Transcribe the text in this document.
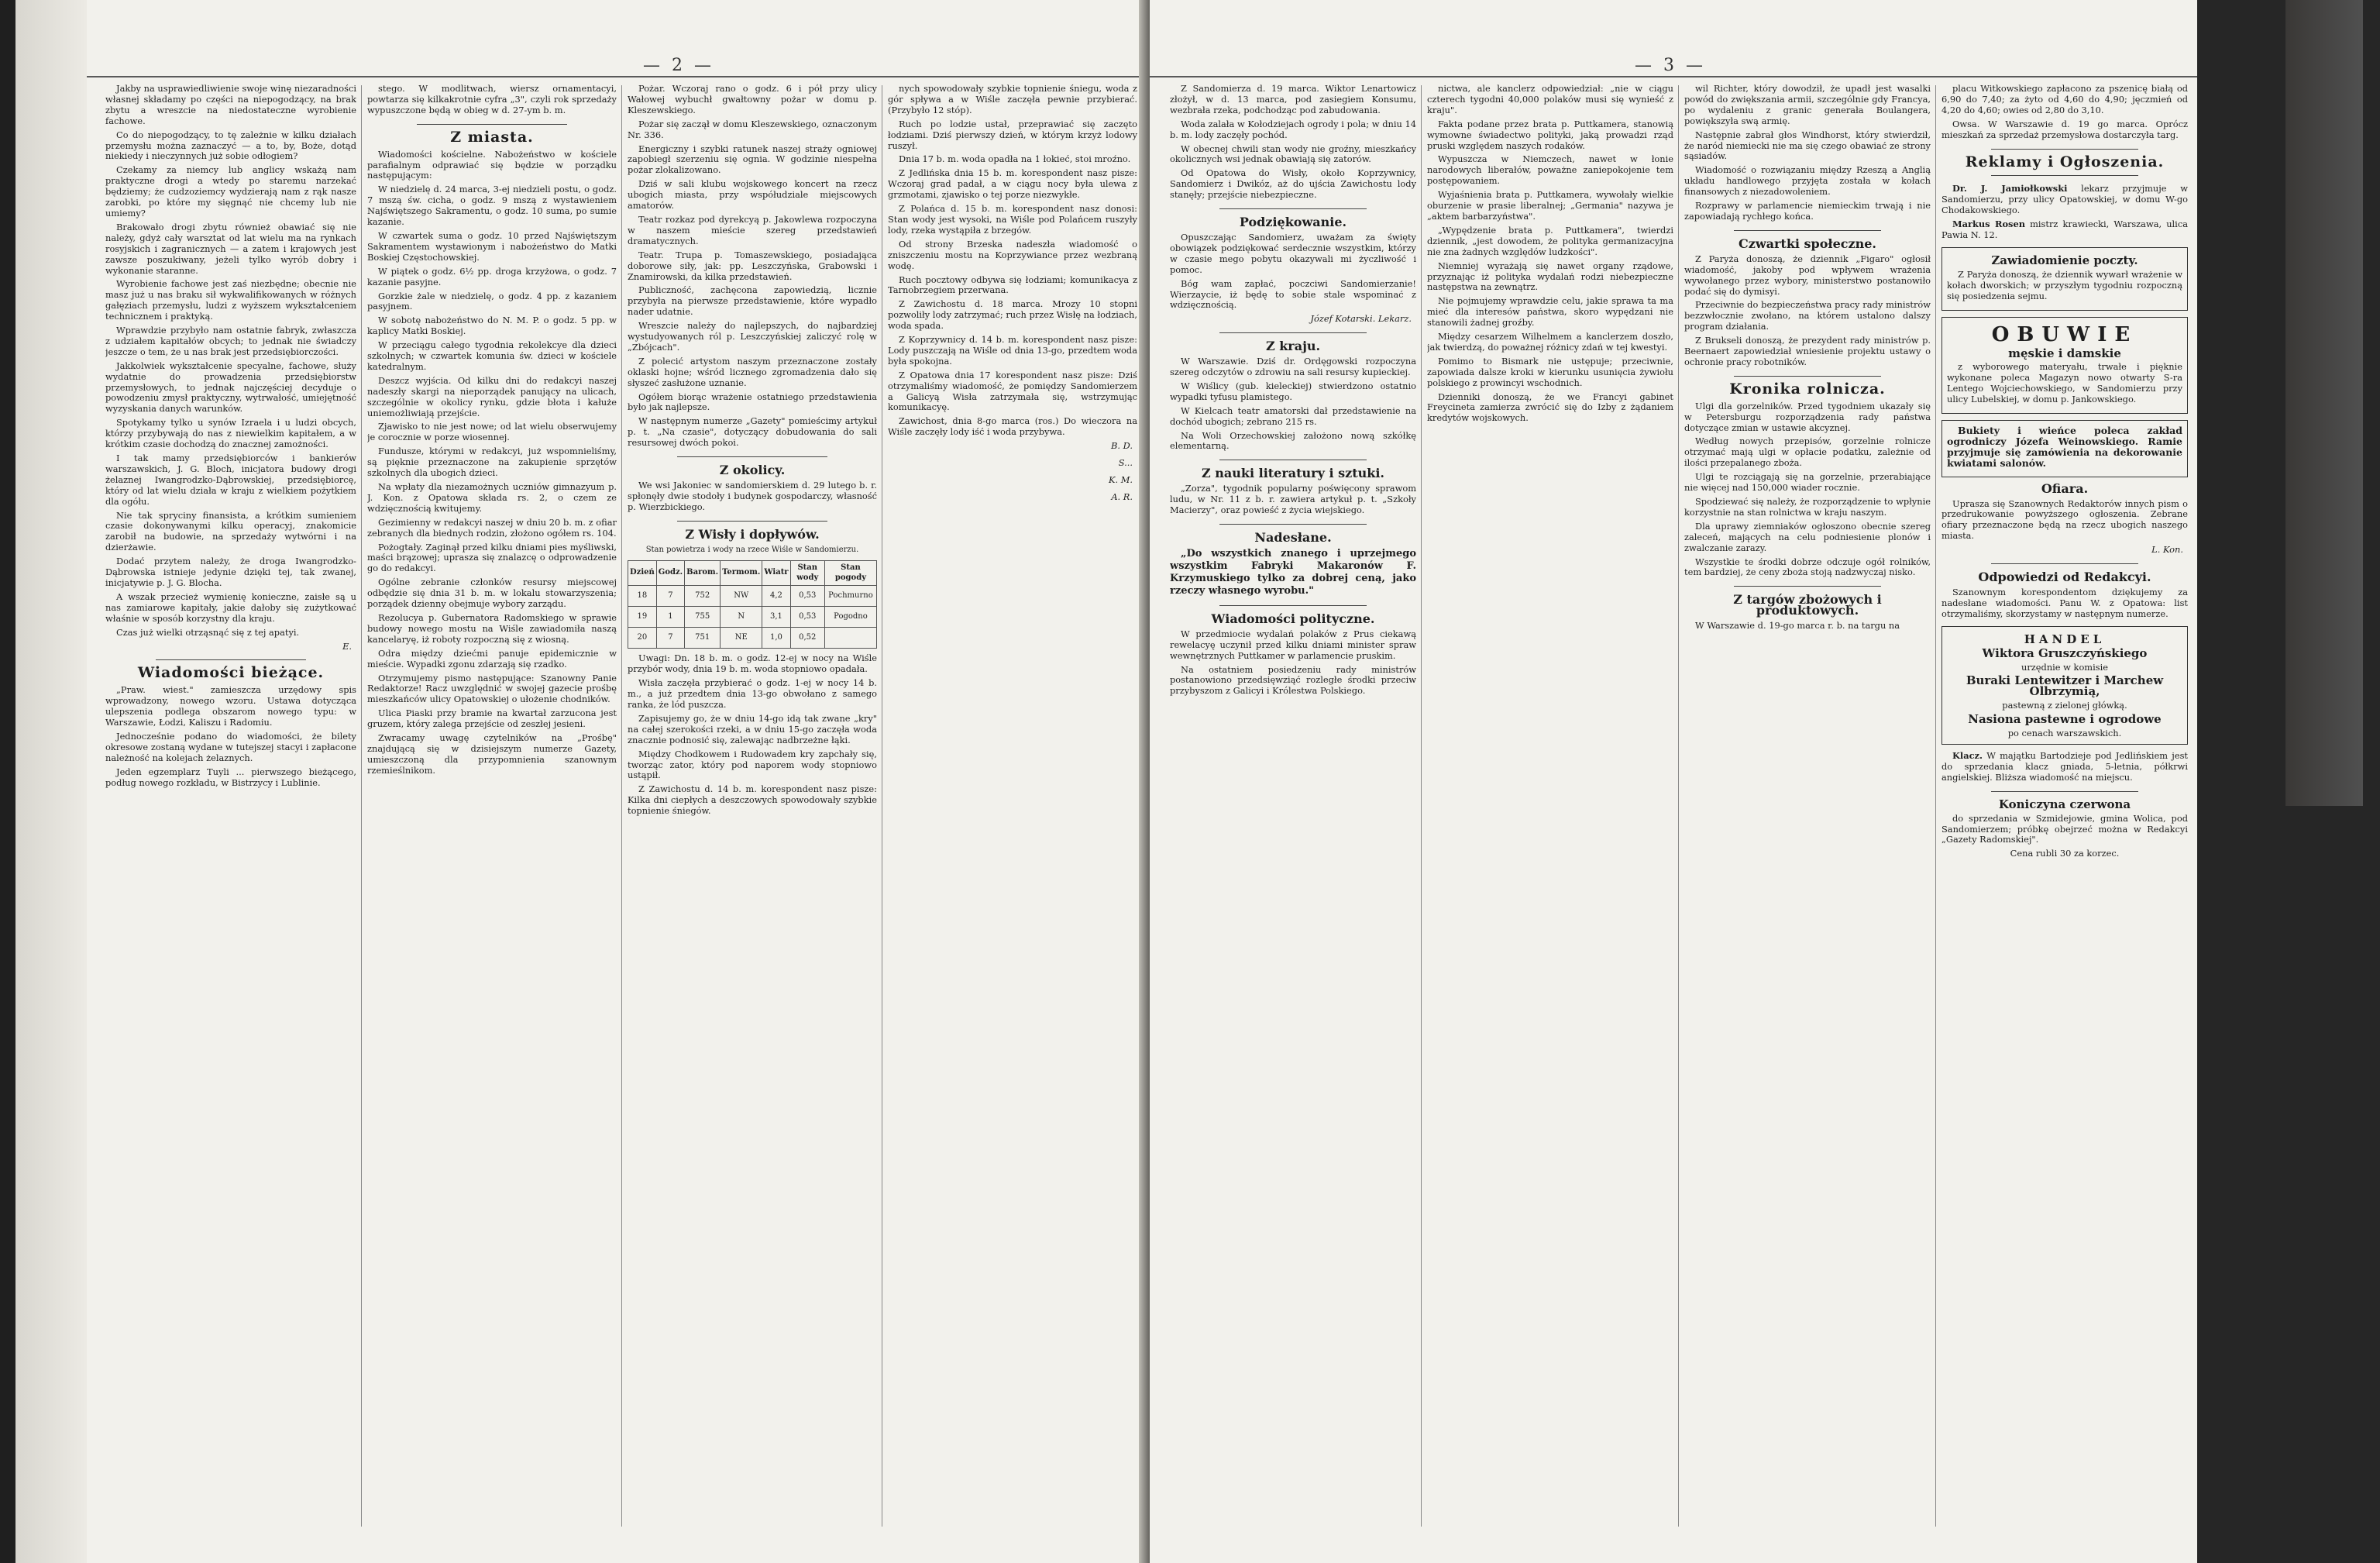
— 2 —

Jakby na usprawiedliwienie swoje winę niezaradności własnej składamy po części na niepogodzący, na brak zbytu a wreszcie na niedostateczne wyrobienie fachowe.

Co do niepogodzący, to tę zależnie w kilku działach przemysłu można zaznaczyć — a to, by, Boże, dotąd niekiedy i nieczynnych już sobie odłogiem?

Czekamy za niemcy lub anglicy wskażą nam praktyczne drogi a wtedy po staremu narzekać będziemy; że cudzoziemcy wydzierają nam z rąk nasze zarobki, po które my sięgnąć nie chcemy lub nie umiemy?

Brakowało drogi zbytu również obawiać się nie należy, gdyż cały warsztat od lat wielu ma na rynkach rosyjskich i zagranicznych — a zatem i krajowych jest zawsze poszukiwany, jeżeli tylko wyrób dobry i wykonanie staranne.

Wyrobienie fachowe jest zaś niezbędne; obecnie nie masz już u nas braku sił wykwalifikowanych w różnych gałęziach przemysłu, ludzi z wyższem wykształceniem technicznem i praktyką.

Wprawdzie przybyło nam ostatnie fabryk, zwłaszcza z udziałem kapitałów obcych; to jednak nie świadczy jeszcze o tem, że u nas brak jest przedsiębiorczości.

Jakkolwiek wykształcenie specyalne, fachowe, służy wydatnie do prowadzenia przedsiębiorstw przemysłowych, to jednak najczęściej decyduje o powodzeniu zmysł praktyczny, wytrwałość, umiejętność wyzyskania danych warunków.

Spotykamy tylko u synów Izraela i u ludzi obcych, którzy przybywają do nas z niewielkim kapitałem, a w krótkim czasie dochodzą do znacznej zamożności.

I tak mamy przedsiębiorców i bankierów warszawskich, J. G. Bloch, inicjatora budowy drogi żelaznej Iwangrodzko-Dąbrowskiej, przedsiębiorcę, który od lat wielu działa w kraju z wielkiem pożytkiem dla ogółu.

Nie tak spryciny finansista, a krótkim sumieniem czasie dokonywanymi kilku operacyj, znakomicie zarobił na budowie, na sprzedaży wytwórni i na dzierżawie.

Dodać przytem należy, że droga Iwangrodzko-Dąbrowska istnieje jedynie dzięki tej, tak zwanej, inicjatywie p. J. G. Blocha.

A wszak przecież wymienię konieczne, zaisłe są u nas zamiarowe kapitały, jakie dałoby się zużytkować właśnie w sposób korzystny dla kraju.

Czas już wielki otrząsnąć się z tej apatyi.

E.
Wiadomości bieżące.

„Praw. wiest." zamieszcza urzędowy spis wprowadzony, nowego wzoru. Ustawa dotycząca ulepszenia podlega obszarom nowego typu: w Warszawie, Łodzi, Kaliszu i Radomiu.

Jednocześnie podano do wiadomości, że bilety okresowe zostaną wydane w tutejszej stacyi i zapłacone należność na kolejach żelaznych.

Jeden egzemplarz Tuyli ... pierwszego bieżącego, podług nowego rozkładu, w Bistrzycy i Lublinie.

stego. W modlitwach, wiersz ornamentacyi, powtarza się kilkakrotnie cyfra „3", czyli rok sprzedaży wypuszczone będą w obieg w d. 27-ym b. m.

Z miasta.

Wiadomości kościelne. Nabożeństwo w kościele parafialnym odprawiać się będzie w porządku następującym:

W niedzielę d. 24 marca, 3-ej niedzieli postu, o godz. 7 mszą św. cicha, o godz. 9 mszą z wystawieniem Najświętszego Sakramentu, o godz. 10 suma, po sumie kazanie.

W czwartek suma o godz. 10 przed Najświętszym Sakramentem wystawionym i nabożeństwo do Matki Boskiej Częstochowskiej.

W piątek o godz. 6½ pp. droga krzyżowa, o godz. 7 kazanie pasyjne.

Gorzkie żale w niedzielę, o godz. 4 pp. z kazaniem pasyjnem.

W sobotę nabożeństwo do N. M. P. o godz. 5 pp. w kaplicy Matki Boskiej.

W przeciągu całego tygodnia rekolekcye dla dzieci szkolnych; w czwartek komunia św. dzieci w kościele katedralnym.

Deszcz wyjścia. Od kilku dni do redakcyi naszej nadeszły skargi na nieporządek panujący na ulicach, szczególnie w okolicy rynku, gdzie błota i kałuże uniemożliwiają przejście.

Zjawisko to nie jest nowe; od lat wielu obserwujemy je corocznie w porze wiosennej.

Fundusze, którymi w redakcyi, już wspomnieliśmy, są pięknie przeznaczone na zakupienie sprzętów szkolnych dla ubogich dzieci.

Na wpłaty dla niezamożnych uczniów gimnazyum p. J. Kon. z Opatowa składa rs. 2, o czem ze wdzięcznością kwitujemy.

Gezimienny w redakcyi naszej w dniu 20 b. m. z ofiar zebranych dla biednych rodzin, złożono ogółem rs. 104.

Pożogtały. Zaginął przed kilku dniami pies myśliwski, maści brązowej; uprasza się znalazcę o odprowadzenie go do redakcyi.

Ogólne zebranie członków resursy miejscowej odbędzie się dnia 31 b. m. w lokalu stowarzyszenia; porządek dzienny obejmuje wybory zarządu.

Rezolucya p. Gubernatora Radomskiego w sprawie budowy nowego mostu na Wiśle zawiadomiła naszą kancelaryę, iż roboty rozpoczną się z wiosną.

Odra między dziećmi panuje epidemicznie w mieście. Wypadki zgonu zdarzają się rzadko.

Otrzymujemy pismo następujące: Szanowny Panie Redaktorze! Racz uwzględnić w swojej gazecie prośbę mieszkańców ulicy Opatowskiej o ułożenie chodników.

Ulica Piaski przy bramie na kwartał zarzucona jest gruzem, który zalega przejście od zeszłej jesieni.

Zwracamy uwagę czytelników na „Prośbę" znajdującą się w dzisiejszym numerze Gazety, umieszczoną dla przypomnienia szanownym rzemieślnikom.

Pożar. Wczoraj rano o godz. 6 i pół przy ulicy Wałowej wybuchł gwałtowny pożar w domu p. Kleszewskiego.

Pożar się zaczął w domu Kleszewskiego, oznaczonym Nr. 336.

Energiczny i szybki ratunek naszej straży ogniowej zapobiegł szerzeniu się ognia. W godzinie niespełna pożar zlokalizowano.

Dziś w sali klubu wojskowego koncert na rzecz ubogich miasta, przy współudziale miejscowych amatorów.

Teatr rozkaz pod dyrekcyą p. Jakowlewa rozpoczyna w naszem mieście szereg przedstawień dramatycznych.

Teatr. Trupa p. Tomaszewskiego, posiadająca doborowe siły, jak: pp. Leszczyńska, Grabowski i Znamirowski, da kilka przedstawień.

Publiczność, zachęcona zapowiedzią, licznie przybyła na pierwsze przedstawienie, które wypadło nader udatnie.

Wreszcie należy do najlepszych, do najbardziej wystudyowanych ról p. Leszczyńskiej zaliczyć rolę w „Zbójcach".

Z polecić artystom naszym przeznaczone zostały oklaski hojne; wśród licznego zgromadzenia dało się słyszeć zasłużone uznanie.

Ogółem biorąc wrażenie ostatniego przedstawienia było jak najlepsze.

W następnym numerze „Gazety" pomieścimy artykuł p. t. „Na czasie", dotyczący dobudowania do sali resursowej dwóch pokoi.

Z okolicy.

We wsi Jakoniec w sandomierskiem d. 29 lutego b. r. spłonęły dwie stodoły i budynek gospodarczy, własność p. Wierzbickiego.

Z Wisły i dopływów.
Stan powietrza i wody na rzece Wiśle w Sandomierzu.
Dzień	Godz.	Barom.	Termom.	Wiatr	Stan wody	Stan pogody
18	7	752	NW	4,2	0,53	Pochmurno
19	1	755	N	3,1	0,53	Pogodno
20	7	751	NE	1,0	0,52	

Uwagi: Dn. 18 b. m. o godz. 12-ej w nocy na Wiśle przybór wody, dnia 19 b. m. woda stopniowo opadała.

Wisła zaczęła przybierać o godz. 1-ej w nocy 14 b. m., a już przedtem dnia 13-go obwołano z samego ranka, że lód puszcza.

Zapisujemy go, że w dniu 14-go idą tak zwane „kry" na całej szerokości rzeki, a w dniu 15-go zaczęła woda znacznie podnosić się, zalewając nadbrzeżne łąki.

Między Chodkowem i Rudowadem kry zapchały się, tworząc zator, który pod naporem wody stopniowo ustąpił.

Z Zawichostu d. 14 b. m. korespondent nasz pisze: Kilka dni ciepłych a deszczowych spowodowały szybkie topnienie śniegów.

nych spowodowały szybkie topnienie śniegu, woda z gór spływa a w Wiśle zaczęła pewnie przybierać. (Przybyło 12 stóp).

Ruch po lodzie ustał, przeprawiać się zaczęto łodziami. Dziś pierwszy dzień, w którym krzyż lodowy ruszył.

Dnia 17 b. m. woda opadła na 1 łokieć, stoi mroźno.

Z Jedlińska dnia 15 b. m. korespondent nasz pisze: Wczoraj grad padał, a w ciągu nocy była ulewa z grzmotami, zjawisko o tej porze niezwykłe.

Z Polańca d. 15 b. m. korespondent nasz donosi: Stan wody jest wysoki, na Wiśle pod Polańcem ruszyły lody, rzeka wystąpiła z brzegów.

Od strony Brzeska nadeszła wiadomość o zniszczeniu mostu na Koprzywiance przez wezbraną wodę.

Ruch pocztowy odbywa się łodziami; komunikacya z Tarnobrzegiem przerwana.

Z Zawichostu d. 18 marca. Mrozy 10 stopni pozwoliły lody zatrzymać; ruch przez Wisłę na łodziach, woda spada.

Z Koprzywnicy d. 14 b. m. korespondent nasz pisze: Lody puszczają na Wiśle od dnia 13-go, przedtem woda była spokojna.

Z Opatowa dnia 17 korespondent nasz pisze: Dziś otrzymaliśmy wiadomość, że pomiędzy Sandomierzem a Galicyą Wisła zatrzymała się, wstrzymując komunikacyę.

Zawichost, dnia 8-go marca (ros.) Do wieczora na Wiśle zaczęły lody iść i woda przybywa.

B. D.
S...
K. M.
A. R.
— 3 —

Z Sandomierza d. 19 marca. Wiktor Lenartowicz złożył, w d. 13 marca, pod zasiegiem Konsumu, wezbrała rzeka, podchodząc pod zabudowania.

Woda zalała w Kołodziejach ogrody i pola; w dniu 14 b. m. lody zaczęły pochód.

W obecnej chwili stan wody nie groźny, mieszkańcy okolicznych wsi jednak obawiają się zatorów.

Od Opatowa do Wisły, około Koprzywnicy, Sandomierz i Dwikóz, aż do ujścia Zawichostu lody stanęły; przejście niebezpieczne.

Podziękowanie.

Opuszczając Sandomierz, uważam za święty obowiązek podziękować serdecznie wszystkim, którzy w czasie mego pobytu okazywali mi życzliwość i pomoc.

Bóg wam zapłać, poczciwi Sandomierzanie! Wierzaycie, iż będę to sobie stale wspominać z wdzięcznością.

Józef Kotarski. Lekarz.
Z kraju.

W Warszawie. Dziś dr. Ordęgowski rozpoczyna szereg odczytów o zdrowiu na sali resursy kupieckiej.

W Wiślicy (gub. kieleckiej) stwierdzono ostatnio wypadki tyfusu plamistego.

W Kielcach teatr amatorski dał przedstawienie na dochód ubogich; zebrano 215 rs.

Na Woli Orzechowskiej założono nową szkółkę elementarną.

Z nauki literatury i sztuki.

„Zorza", tygodnik popularny poświęcony sprawom ludu, w Nr. 11 z b. r. zawiera artykuł p. t. „Szkoły Macierzy", oraz powieść z życia wiejskiego.

Nadesłane.

„Do wszystkich znanego i uprzejmego wszystkim Fabryki Makaronów F. Krzymuskiego tylko za dobrej ceną, jako rzeczy własnego wyrobu."

Wiadomości polityczne.

W przedmiocie wydalań polaków z Prus ciekawą rewelacyę uczynił przed kilku dniami minister spraw wewnętrznych Puttkamer w parlamencie pruskim.

Na ostatniem posiedzeniu rady ministrów postanowiono przedsięwziąć rozległe środki przeciw przybyszom z Galicyi i Królestwa Polskiego.

nictwa, ale kanclerz odpowiedział: „nie w ciągu czterech tygodni 40,000 polaków musi się wynieść z kraju".

Fakta podane przez brata p. Puttkamera, stanowią wymowne świadectwo polityki, jaką prowadzi rząd pruski względem naszych rodaków.

Wypuszcza w Niemczech, nawet w łonie narodowych liberałów, poważne zaniepokojenie tem postępowaniem.

Wyjaśnienia brata p. Puttkamera, wywołały wielkie oburzenie w prasie liberalnej; „Germania" nazywa je „aktem barbarzyństwa".

„Wypędzenie brata p. Puttkamera", twierdzi dziennik, „jest dowodem, że polityka germanizacyjna nie zna żadnych względów ludzkości".

Niemniej wyrażają się nawet organy rządowe, przyznając iż polityka wydalań rodzi niebezpieczne następstwa na zewnątrz.

Nie pojmujemy wprawdzie celu, jakie sprawa ta ma mieć dla interesów państwa, skoro wypędzani nie stanowili żadnej groźby.

Między cesarzem Wilhelmem a kanclerzem doszło, jak twierdzą, do poważnej różnicy zdań w tej kwestyi.

Pomimo to Bismark nie ustępuje; przeciwnie, zapowiada dalsze kroki w kierunku usunięcia żywiołu polskiego z prowincyi wschodnich.

Dzienniki donoszą, że we Francyi gabinet Freycineta zamierza zwrócić się do Izby z żądaniem kredytów wojskowych.

wil Richter, który dowodził, że upadł jest wasalki powód do zwiększania armii, szczególnie gdy Francya, po wydaleniu z granic generała Boulangera, powiększyła swą armię.

Następnie zabrał głos Windhorst, który stwierdził, że naród niemiecki nie ma się czego obawiać ze strony sąsiadów.

Wiadomość o rozwiązaniu między Rzeszą a Anglią układu handlowego przyjęta została w kołach finansowych z niezadowoleniem.

Rozprawy w parlamencie niemieckim trwają i nie zapowiadają rychłego końca.

Czwartki społeczne.

Z Paryża donoszą, że dziennik „Figaro" ogłosił wiadomość, jakoby pod wpływem wrażenia wywołanego przez wybory, ministerstwo postanowiło podać się do dymisyi.

Przeciwnie do bezpieczeństwa pracy rady ministrów bezzwłocznie zwołano, na którem ustalono dalszy program działania.

Z Brukseli donoszą, że prezydent rady ministrów p. Beernaert zapowiedział wniesienie projektu ustawy o ochronie pracy robotników.

Kronika rolnicza.

Ulgi dla gorzelników. Przed tygodniem ukazały się w Petersburgu rozporządzenia rady państwa dotyczące zmian w ustawie akcyznej.

Według nowych przepisów, gorzelnie rolnicze otrzymać mają ulgi w opłacie podatku, zależnie od ilości przepalanego zboża.

Ulgi te rozciągają się na gorzelnie, przerabiające nie więcej nad 150,000 wiader rocznie.

Spodziewać się należy, że rozporządzenie to wpłynie korzystnie na stan rolnictwa w kraju naszym.

Dla uprawy ziemniaków ogłoszono obecnie szereg zaleceń, mających na celu podniesienie plonów i zwalczanie zarazy.

Wszystkie te środki dobrze odczuje ogół rolników, tem bardziej, że ceny zboża stoją nadzwyczaj nisko.

Z targów zbożowych i produktowych.

W Warszawie d. 19-go marca r. b. na targu na

placu Witkowskiego zapłacono za pszenicę białą od 6,90 do 7,40; za żyto od 4,60 do 4,90; jęczmień od 4,20 do 4,60; owies od 2,80 do 3,10.

Owsa. W Warszawie d. 19 go marca. Oprócz mieszkań za sprzedaż przemysłowa dostarczyła targ.

Reklamy i Ogłoszenia.

Dr. J. Jamiołkowski lekarz przyjmuje w Sandomierzu, przy ulicy Opatowskiej, w domu W-go Chodakowskiego.

Markus Rosen mistrz krawiecki, Warszawa, ulica Pawia N. 12.

Zawiadomienie poczty.

Z Paryża donoszą, że dziennik wywarł wrażenie w kołach dworskich; w przyszłym tygodniu rozpoczną się posiedzenia sejmu.

OBUWIE
męskie i damskie

z wyborowego materyału, trwałe i pięknie wykonane poleca Magazyn nowo otwarty S-ra Lentego Wojciechowskiego, w Sandomierzu przy ulicy Lubelskiej, w domu p. Jankowskiego.

Bukiety i wieńce poleca zakład ogrodniczy Józefa Weinowskiego. Ramie przyjmuje się zamówienia na dekorowanie kwiatami salonów.

Ofiara.

Uprasza się Szanownych Redaktorów innych pism o przedrukowanie powyższego ogłoszenia. Zebrane ofiary przeznaczone będą na rzecz ubogich naszego miasta.

L. Kon.
Odpowiedzi od Redakcyi.

Szanownym korespondentom dziękujemy za nadesłane wiadomości. Panu W. z Opatowa: list otrzymaliśmy, skorzystamy w następnym numerze.

HANDEL
Wiktora Gruszczyńskiego
urzędnie w komisie
Buraki Lentewitzer i Marchew Olbrzymią,
pastewną z zielonej główką.
Nasiona pastewne i ogrodowe
po cenach warszawskich.

Klacz. W majątku Bartodzieje pod Jedlińskiem jest do sprzedania klacz gniada, 5-letnia, półkrwi angielskiej. Bliższa wiadomość na miejscu.

Koniczyna czerwona

do sprzedania w Szmidejowie, gmina Wolica, pod Sandomierzem; próbkę obejrzeć można w Redakcyi „Gazety Radomskiej".

Cena rubli 30 za korzec.
